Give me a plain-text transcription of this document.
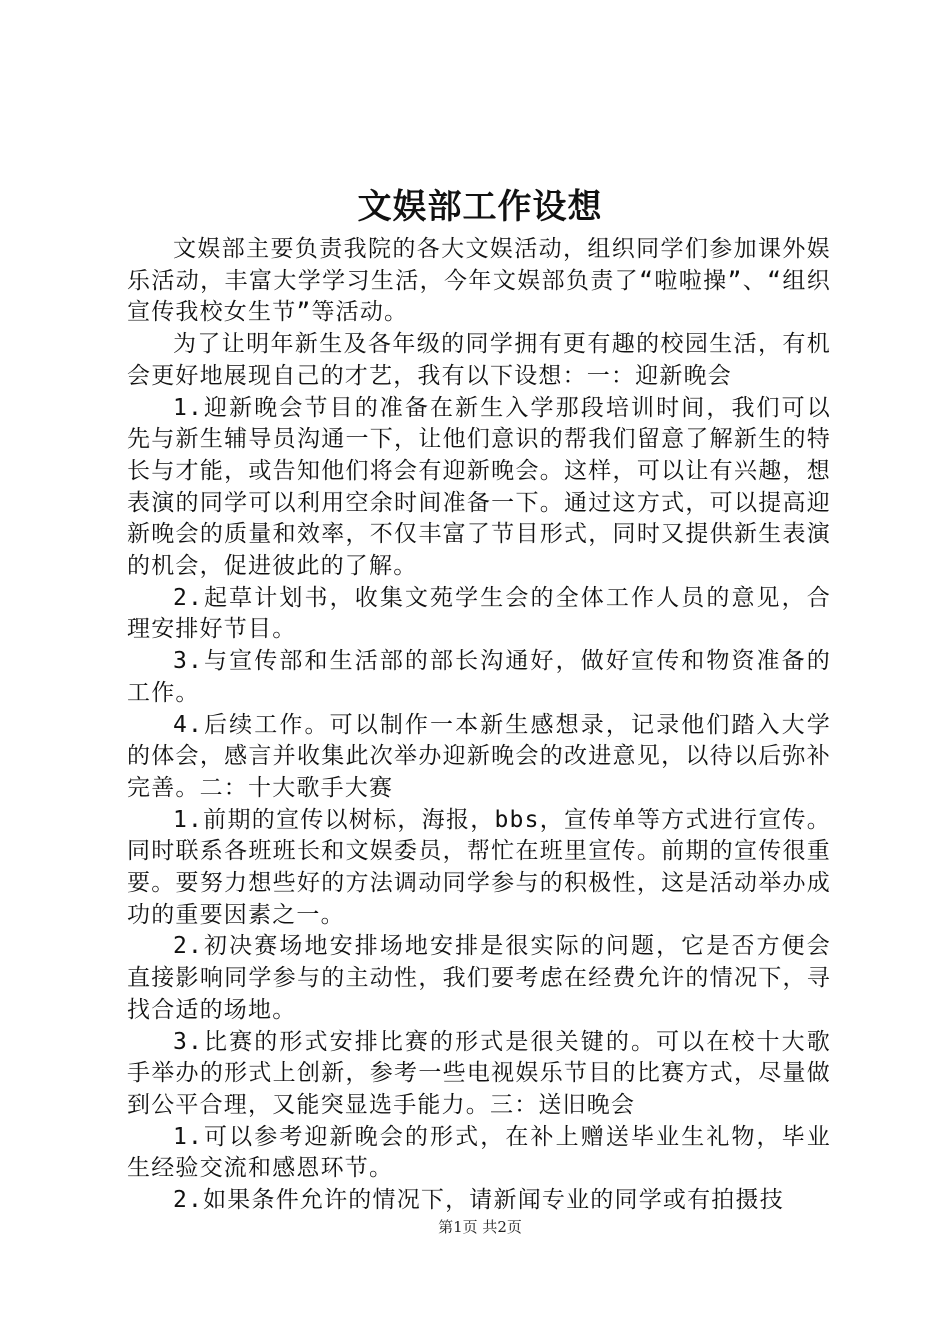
文娱部工作设想

文娱部主要负责我院的各大文娱活动，组织同学们参加课外娱乐活动，丰富大学学习生活，今年文娱部负责了“啦啦操”、“组织宣传我校女生节”等活动。

为了让明年新生及各年级的同学拥有更有趣的校园生活，有机会更好地展现自己的才艺，我有以下设想：一：迎新晚会

1.迎新晚会节目的准备在新生入学那段培训时间，我们可以先与新生辅导员沟通一下，让他们意识的帮我们留意了解新生的特长与才能，或告知他们将会有迎新晚会。这样，可以让有兴趣，想表演的同学可以利用空余时间准备一下。通过这方式，可以提高迎新晚会的质量和效率，不仅丰富了节目形式，同时又提供新生表演的机会，促进彼此的了解。

2.起草计划书，收集文苑学生会的全体工作人员的意见，合理安排好节目。

3.与宣传部和生活部的部长沟通好，做好宣传和物资准备的工作。

4.后续工作。可以制作一本新生感想录，记录他们踏入大学的体会，感言并收集此次举办迎新晚会的改进意见，以待以后弥补完善。二：十大歌手大赛

1.前期的宣传以树标，海报，bbs，宣传单等方式进行宣传。同时联系各班班长和文娱委员，帮忙在班里宣传。前期的宣传很重要。要努力想些好的方法调动同学参与的积极性，这是活动举办成功的重要因素之一。

2.初决赛场地安排场地安排是很实际的问题，它是否方便会直接影响同学参与的主动性，我们要考虑在经费允许的情况下，寻找合适的场地。

3.比赛的形式安排比赛的形式是很关键的。可以在校十大歌手举办的形式上创新，参考一些电视娱乐节目的比赛方式，尽量做到公平合理，又能突显选手能力。三：送旧晚会

1.可以参考迎新晚会的形式，在补上赠送毕业生礼物，毕业生经验交流和感恩环节。

2.如果条件允许的情况下，请新闻专业的同学或有拍摄技

第1页 共2页
